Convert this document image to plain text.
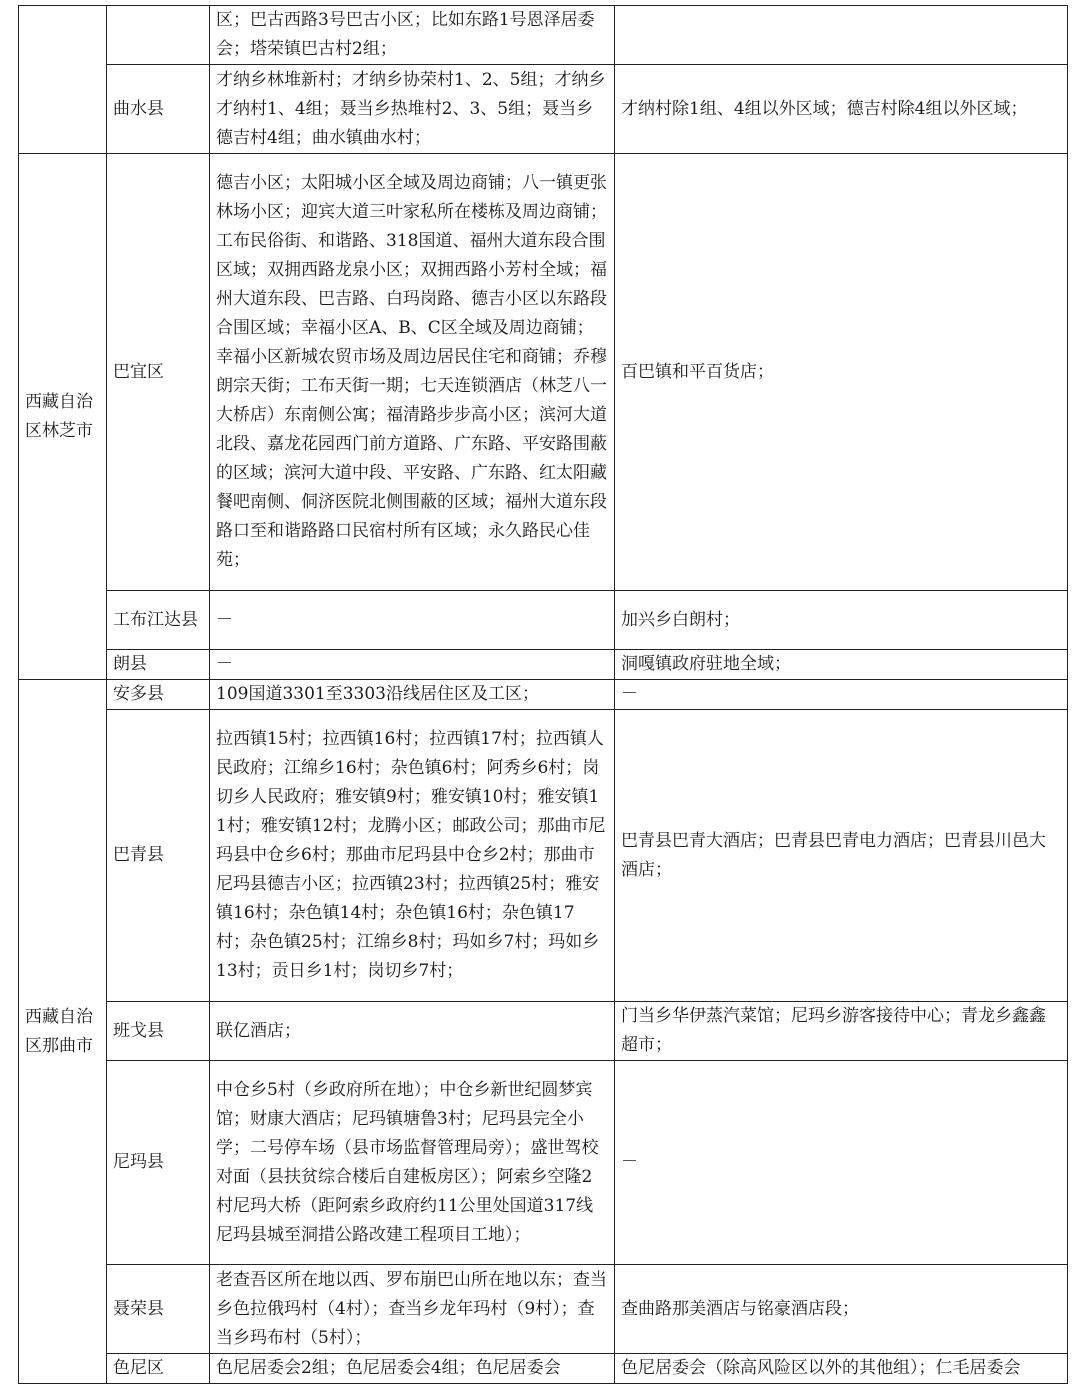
		区；巴古西路3号巴古小区；比如东路1号恩泽居委会；塔荣镇巴古村2组；	
	曲水县	才纳乡林堆新村；才纳乡协荣村1、2、5组；才纳乡才纳村1、4组；聂当乡热堆村2、3、5组；聂当乡德吉村4组；曲水镇曲水村；	才纳村除1组、4组以外区域；德吉村除4组以外区域；
西藏自治区林芝市	巴宜区	德吉小区；太阳城小区全域及周边商铺；八一镇更张林场小区；迎宾大道三叶家私所在楼栋及周边商铺；工布民俗街、和谐路、318国道、福州大道东段合围区域；双拥西路龙泉小区；双拥西路小芳村全域；福州大道东段、巴吉路、白玛岗路、德吉小区以东路段合围区域；幸福小区A、B、C区全域及周边商铺；幸福小区新城农贸市场及周边居民住宅和商铺；乔穆朗宗天街；工布天街一期；七天连锁酒店（林芝八一大桥店）东南侧公寓；福清路步步高小区；滨河大道北段、嘉龙花园西门前方道路、广东路、平安路围蔽的区域；滨河大道中段、平安路、广东路、红太阳藏餐吧南侧、侗济医院北侧围蔽的区域；福州大道东段路口至和谐路路口民宿村所有区域；永久路民心佳苑；	百巴镇和平百货店；
	工布江达县	－	加兴乡白朗村；
	朗县	－	洞嘎镇政府驻地全域；
西藏自治区那曲市	安多县	109国道3301至3303沿线居住区及工区；	－
	巴青县	拉西镇15村；拉西镇16村；拉西镇17村；拉西镇人民政府；江绵乡16村；杂色镇6村；阿秀乡6村；岗切乡人民政府；雅安镇9村；雅安镇10村；雅安镇11村；雅安镇12村；龙腾小区；邮政公司；那曲市尼玛县中仓乡6村；那曲市尼玛县中仓乡2村；那曲市尼玛县德吉小区；拉西镇23村；拉西镇25村；雅安镇16村；杂色镇14村；杂色镇16村；杂色镇17村；杂色镇25村；江绵乡8村；玛如乡7村；玛如乡13村；贡日乡1村；岗切乡7村；	巴青县巴青大酒店；巴青县巴青电力酒店；巴青县川邑大酒店；
	班戈县	联亿酒店；	门当乡华伊蒸汽菜馆；尼玛乡游客接待中心；青龙乡鑫鑫超市；
	尼玛县	中仓乡5村（乡政府所在地）；中仓乡新世纪圆梦宾馆；财康大酒店；尼玛镇塘鲁3村；尼玛县完全小学；二号停车场（县市场监督管理局旁）；盛世驾校对面（县扶贫综合楼后自建板房区）；阿索乡空隆2村尼玛大桥（距阿索乡政府约11公里处国道317线尼玛县城至洞措公路改建工程项目工地）；	－
	聂荣县	老查吾区所在地以西、罗布崩巴山所在地以东；查当乡色拉俄玛村（4村）；查当乡龙年玛村（9村）；查当乡玛布村（5村）；	查曲路那美酒店与铭豪酒店段；
	色尼区	色尼居委会2组；色尼居委会4组；色尼居委会	色尼居委会（除高风险区以外的其他组）；仁毛居委会
